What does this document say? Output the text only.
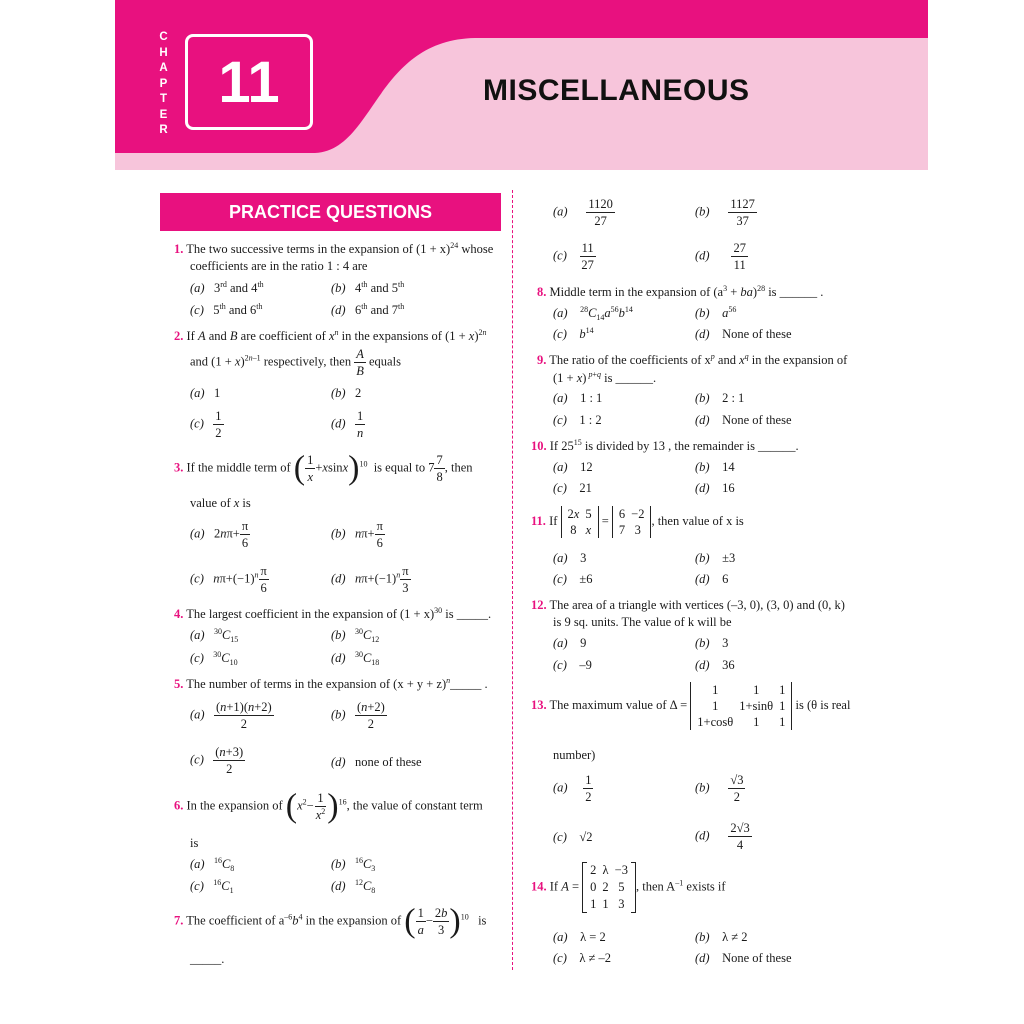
CHAPTER
11	MISCELLANEOUS
PRACTICE QUESTIONS
1. The two successive terms in the expansion of $(1 + x)^{24}$ whose
coefficients are in the ratio 1 : 4 are
(a)   3rd and 4th	(b)   4th and 5th
(c)   5th and 6th	(d)   6th and 7th
2. If A and B are coefficient of $x^n$ in the expansions of $(1 + x)^{2n}$
and $(1 + x)^{2n-1}$ respectively, then $\frac{A}{B}$ equals
(a) 1	(b) 2
$(c) \frac{1}{2}$	$(d) \frac{1}{n}$
3. If the middle term of ( $\frac{1}{x} +xsinx)^{10}$ is equal to $7 \frac{7}{8}$ , then
value of x is
(a)   $2n\pi+ \frac{\pi}{6}$	(b) $n\pi+ \frac{\pi}{6}$
(c) $n\pi+(-1)^n \frac{\pi}{6}$	(d) $n\pi+(-1)^n \frac{\pi}{3}$
4. The largest coefficient in the expansion of $(1 + x)^{30}$ is _____.
(a) $^{30}C_{15}$	(b) $^{30}C_{12}$
(c) $^{30}C_{10}$	(d) $^{30}C_{18}$
5. The number of terms in the expansion of $(x + y + z)^n\_\_\_\_\_$ .
$(a) \frac{(n+1)(n+2)}{2}$	$(b) \frac{(n+2)}{2}$
$(c) \frac{(n+3)}{2}$	(d) none of these
6. In the expansion of $(x^2- \frac{1}{x^2} )^{16}$, the value of constant term
is
(a) $^{16}C_8$	(b) $^{16}C_3$
(c) $^{16}C_1$	(d) $^{12}C_8$
7. The coefficient of $a^{-6}b^4$ in the expansion of ( $\frac{1}{a} - \frac{2b}{3} )^{10}$ is
_____.
$(a) \frac{1120}{27}$	$(b) \frac{1127}{37}$
$(c) \frac{11}{27}$	$(d) \frac{27}{11}$
8. Middle term in the expansion of $(a^3 + ba)^{28}$ is ______ .
(a) $^{28}C_{14}a^{56}b^{14}$	(b) $a^{56}$
(c) $b^{14}$	(d) None of these
9. The ratio of the coefficients of $x^p$ and $x^q$ in the expansion of
(1 + x) $^{p+q}$ is ______.
(a) 1 : 1	(b) 2 : 1
(c) 1 : 2	(d) None of these
10. If $25^{15}$ is divided by 13 , the remainder is ______.
(a) 12	(b) 14
(c) 21	(d) 16
11. If 2x	5
8	x
= 6	−2
7	3
, then value of x is
(a) 3	(b) ±3
(c) ±6	(d) 6
12. The area of a triangle with vertices (–3, 0), (3, 0) and (0, k)
is 9 sq. units. The value of k will be
(a) 9	(b) 3
(c) –9	(d) 36
13. The maximum value of Δ =
1	1	1
1	1+sinθ	1
1+cosθ	1	1
is (θ is real
number)
$(a) \frac{1}{2}$	$(b) \frac{√3}{2}$
(c)    √2	$(d) \frac{2√3}{4}$
14. If A =
2	λ	−3
0	2	5
1	1	3
, then $A^{-1}$ exists if
(a) λ = 2	(b) λ ≠ 2
(c) λ ≠ –2	(d) None of these
